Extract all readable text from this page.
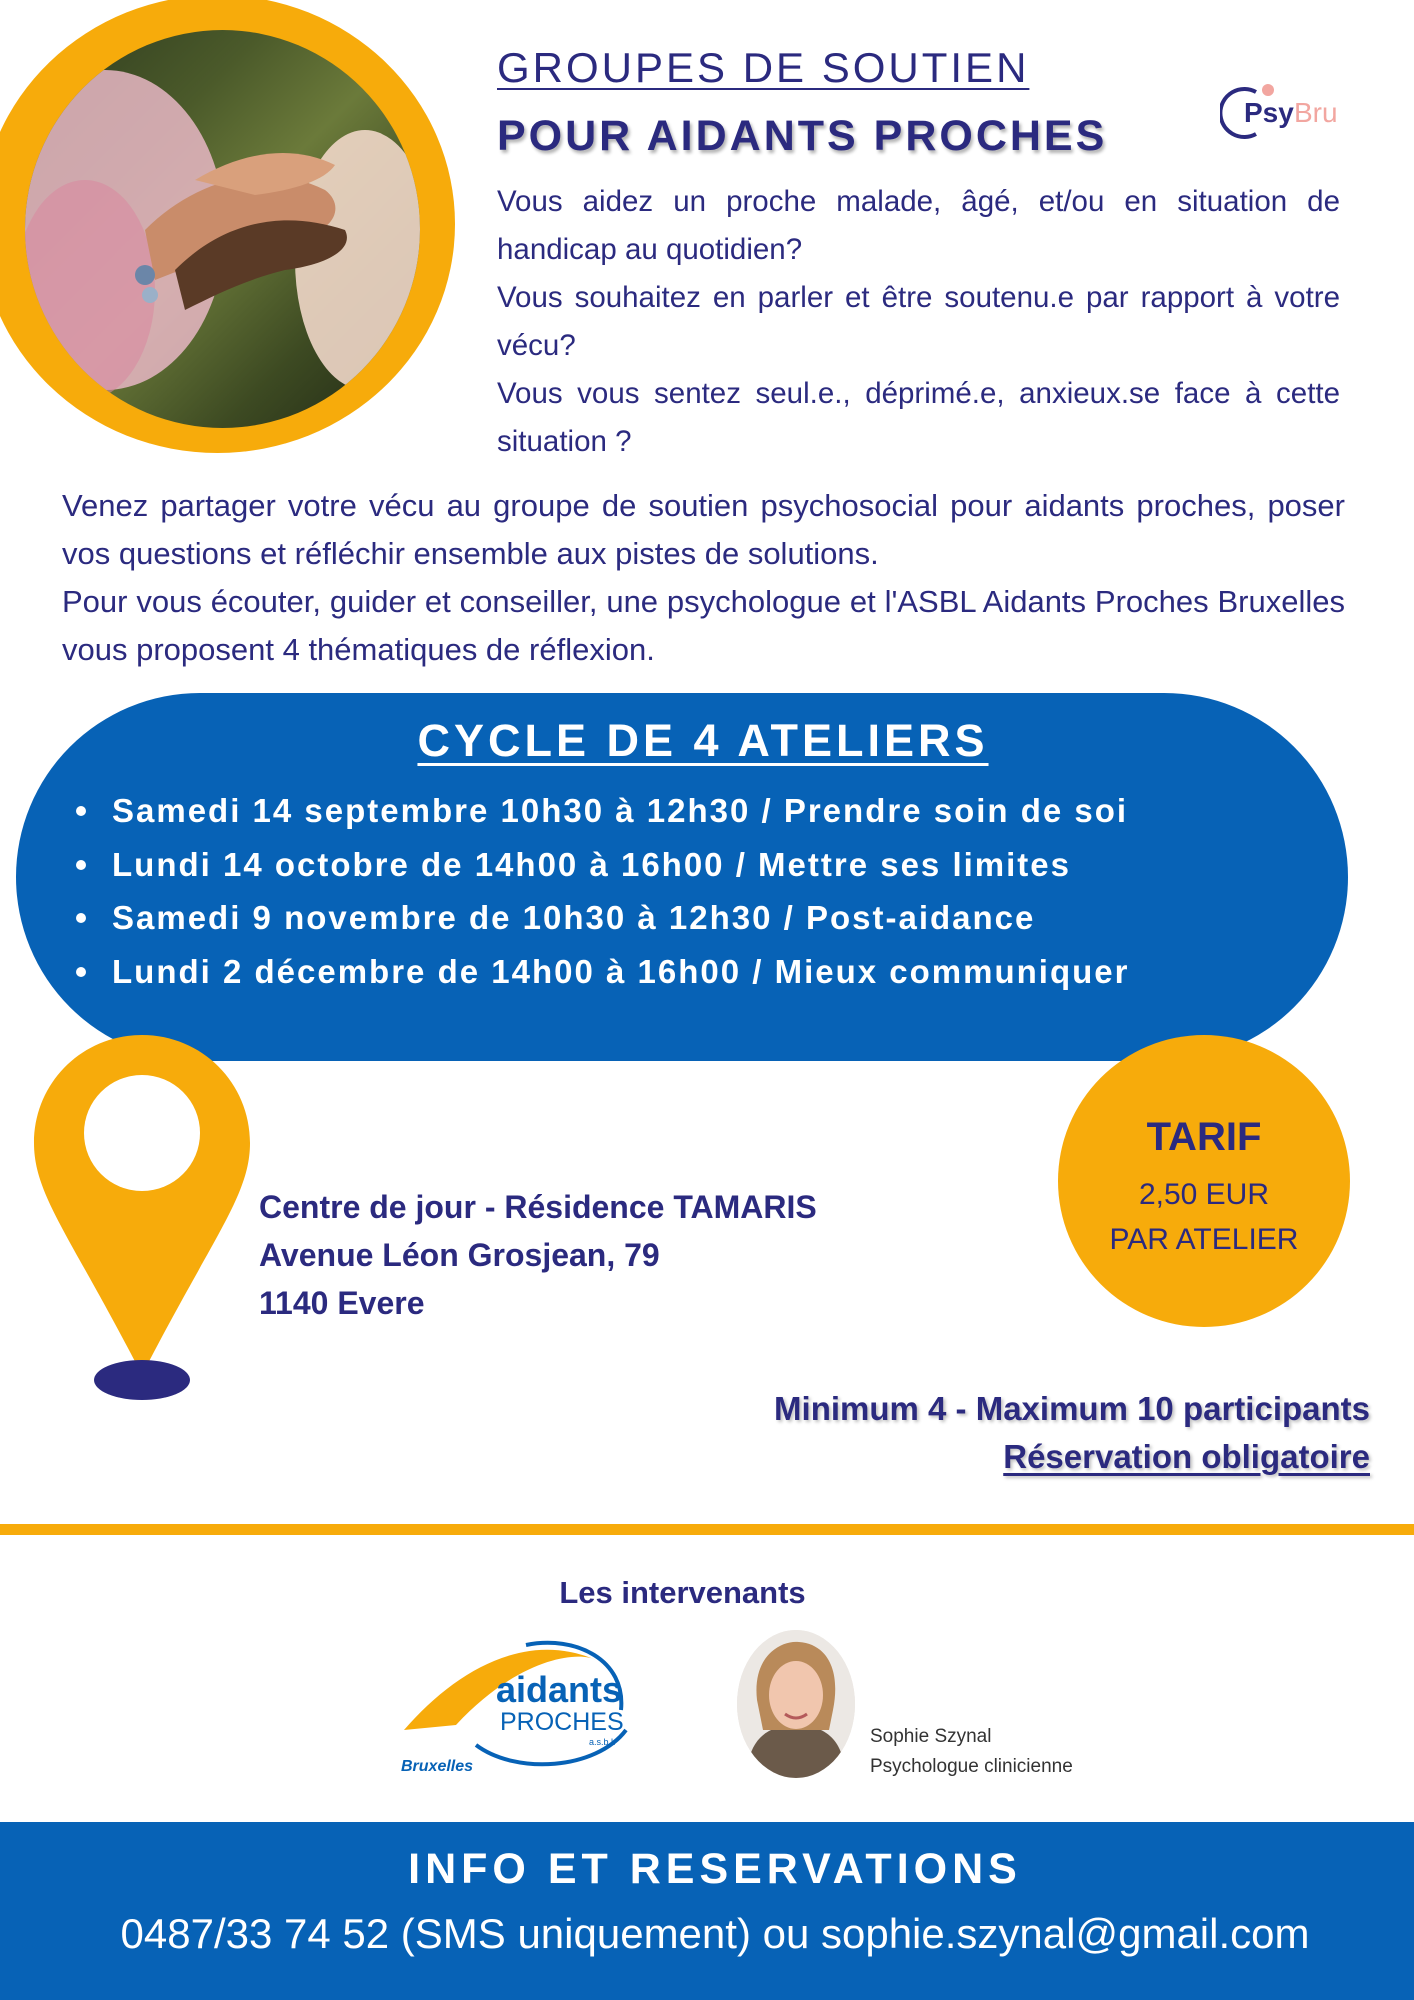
GROUPES DE SOUTIEN
POUR AIDANTS PROCHES	Psy Bru

Vous aidez un proche malade, âgé, et/ou en situation de handicap au quotidien?

Vous souhaitez en parler et être soutenu.e par rapport à votre vécu?

Vous vous sentez seul.e., déprimé.e, anxieux.se face à cette situation ?

Venez partager votre vécu au groupe de soutien psychosocial pour aidants proches, poser vos questions et réfléchir ensemble aux pistes de solutions.

Pour vous écouter, guider et conseiller, une psychologue et l'ASBL Aidants Proches Bruxelles vous proposent 4 thématiques de réflexion.

CYCLE DE 4 ATELIERS
Samedi 14 septembre 10h30 à 12h30 / Prendre soin de soi
Lundi 14 octobre de 14h00 à 16h00 / Mettre ses limites
Samedi 9 novembre de 10h30 à 12h30 / Post-aidance
Lundi 2 décembre de 14h00 à 16h00 / Mieux communiquer
Centre de jour - Résidence TAMARIS
Avenue Léon Grosjean, 79
1140 Evere
TARIF
2,50 EUR
PAR ATELIER
Minimum 4 - Maximum 10 participants
Réservation obligatoire
Les intervenants
aidants
PROCHES
a.s.b.l.
Bruxelles
Sophie Szynal
Psychologue clinicienne
INFO ET RESERVATIONS
0487/33 74 52 (SMS uniquement) ou sophie.szynal@gmail.com
